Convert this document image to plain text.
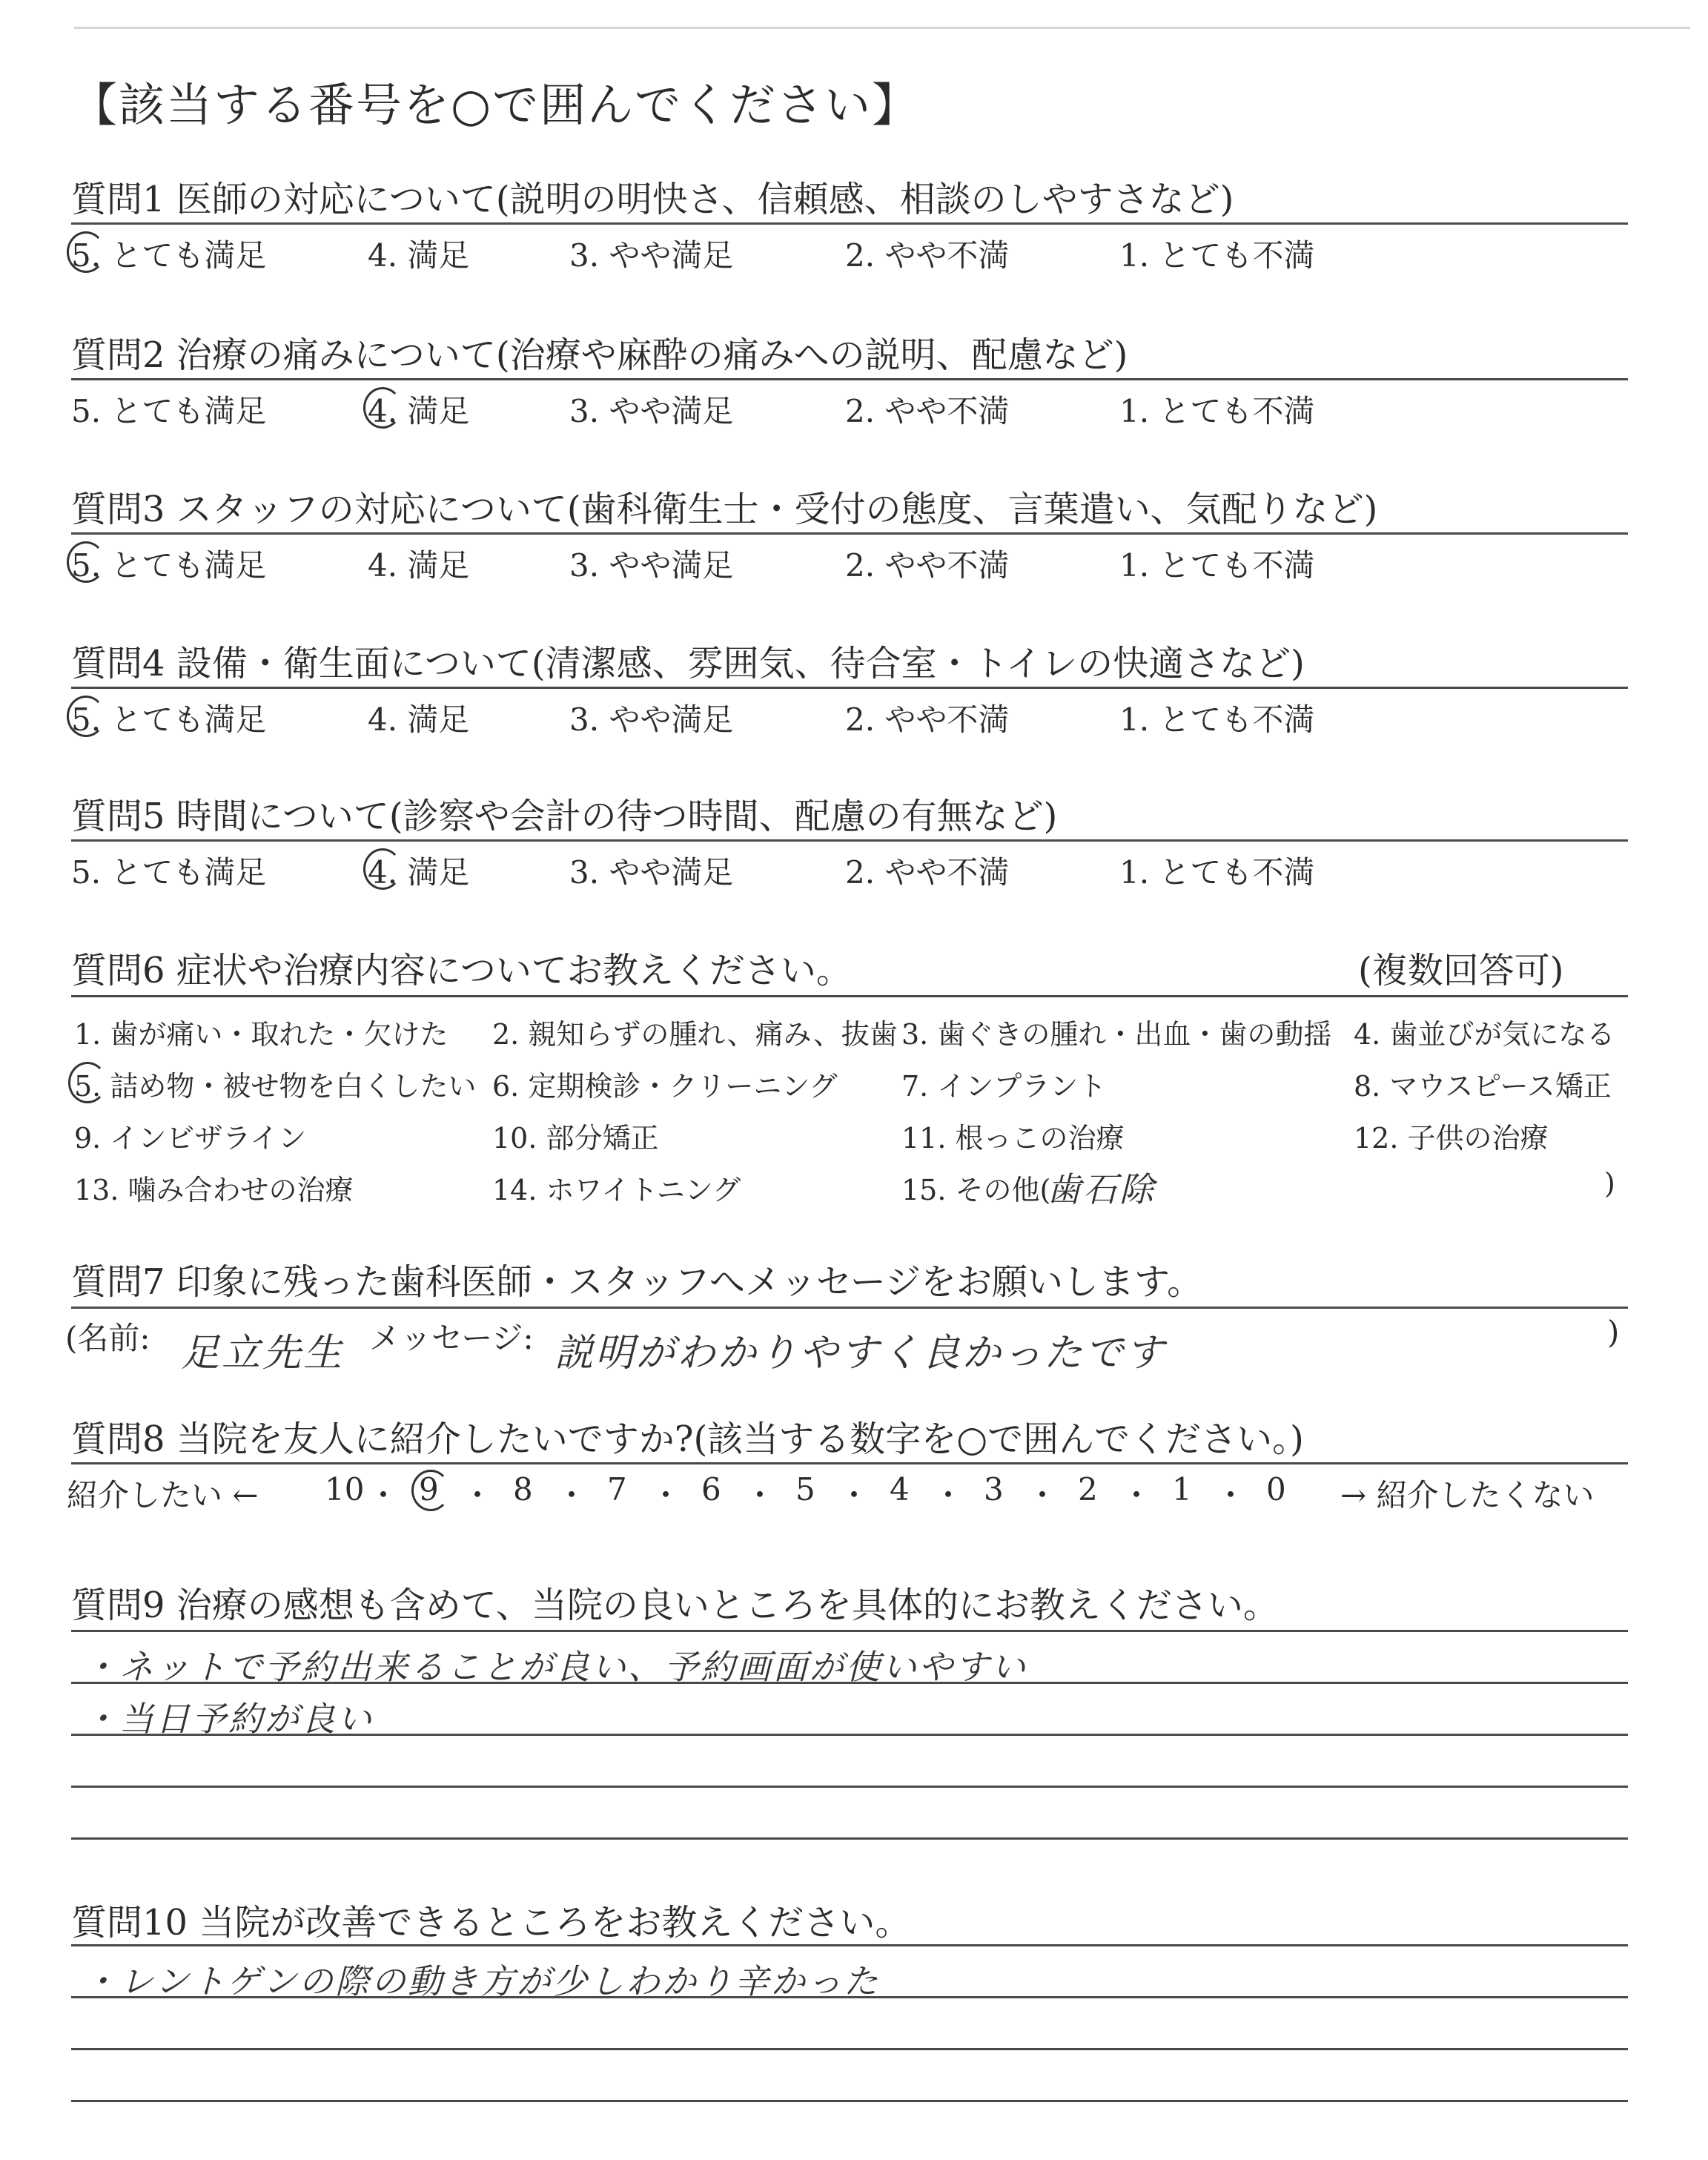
【該当する番号を○で囲んでください】
質問1 医師の対応について(説明の明快さ、信頼感、相談のしやすさなど)
5. とても満足	4. 満足	3. やや満足	2. やや不満	1. とても不満
質問2 治療の痛みについて(治療や麻酔の痛みへの説明、配慮など)
5. とても満足	4. 満足	3. やや満足	2. やや不満	1. とても不満
質問3 スタッフの対応について(歯科衛生士・受付の態度、言葉遣い、気配りなど)
5. とても満足	4. 満足	3. やや満足	2. やや不満	1. とても不満
質問4 設備・衛生面について(清潔感、雰囲気、待合室・トイレの快適さなど)
5. とても満足	4. 満足	3. やや満足	2. やや不満	1. とても不満
質問5 時間について(診察や会計の待つ時間、配慮の有無など)
5. とても満足	4. 満足	3. やや満足	2. やや不満	1. とても不満
質問6 症状や治療内容についてお教えください。	(複数回答可)
1. 歯が痛い・取れた・欠けた 2. 親知らずの腫れ、痛み、抜歯 3. 歯ぐきの腫れ・出血・歯の動揺 4. 歯並びが気になる
5. 詰め物・被せ物を白くしたい 6. 定期検診・クリーニング 7. インプラント	8. マウスピース矯正
9. インビザライン	10. 部分矯正	11. 根っこの治療	12. 子供の治療
13. 噛み合わせの治療	14. ホワイトニング	15. その他(	)
歯石除
質問7 印象に残った歯科医師・スタッフへメッセージをお願いします。
(名前: 足立先生 メッセージ: 説明がわかりやすく良かったです	)
質問8 当院を友人に紹介したいですか?(該当する数字を○で囲んでください。)
紹介したい ← 10 ・ 9 ・ 8 ・ 7 ・ 6 ・ 5 ・ 4 ・ 3 ・ 2 ・ 1 ・ 0 → 紹介したくない
質問9 治療の感想も含めて、当院の良いところを具体的にお教えください。
・ネットで予約出来ることが良い、予約画面が使いやすい
・当日予約が良い
質問10 当院が改善できるところをお教えください。
・レントゲンの際の動き方が少しわかり辛かった
